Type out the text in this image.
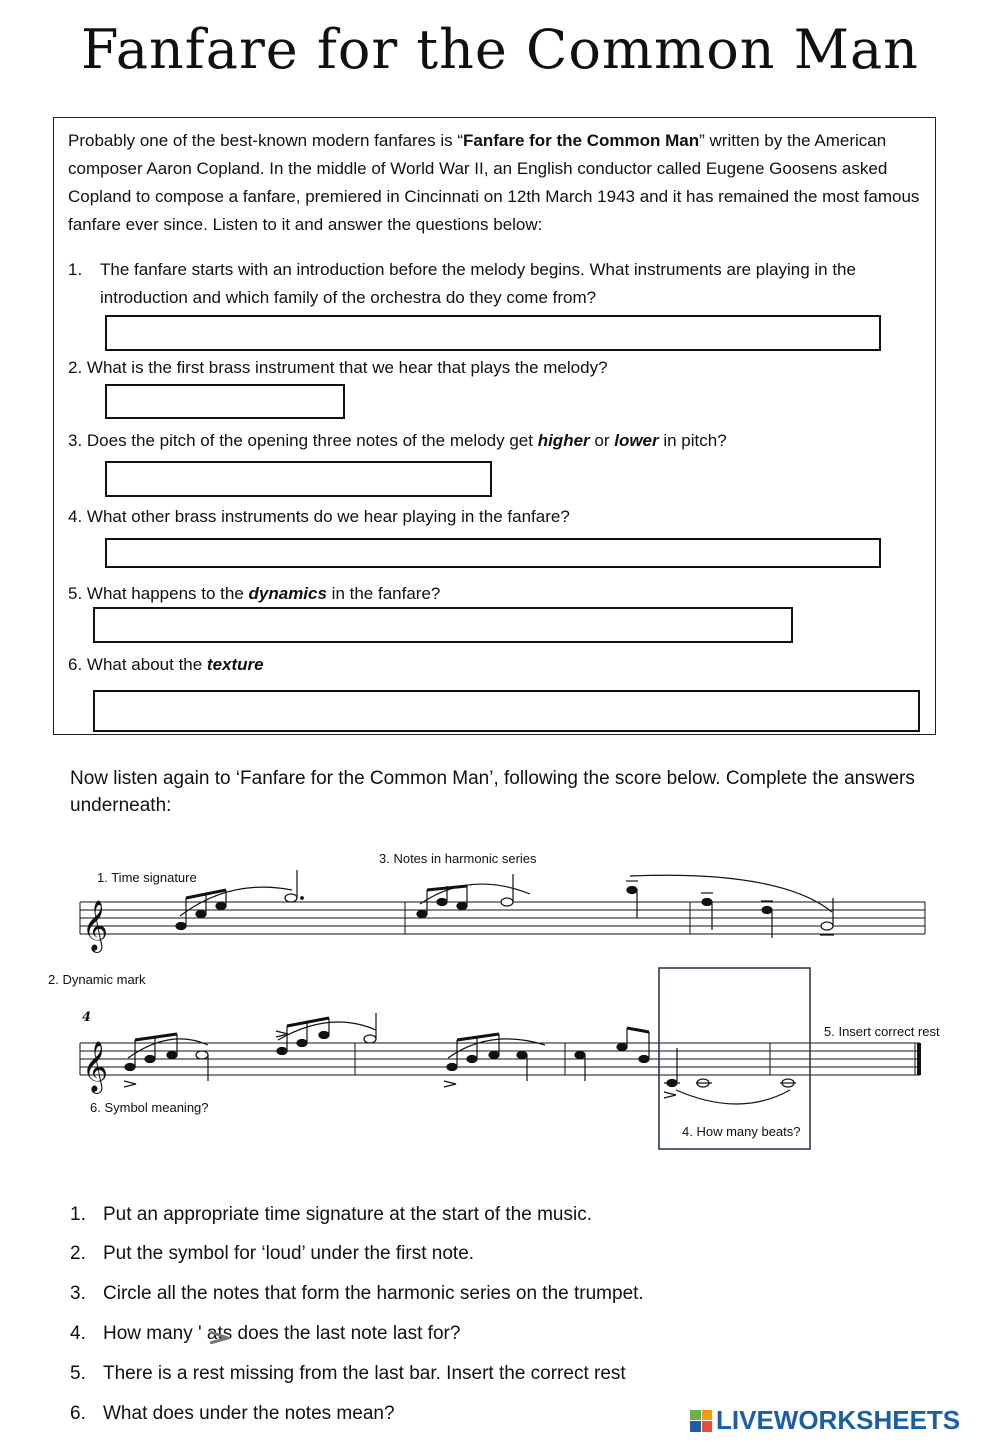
Fanfare for the Common Man
Probably one of the best-known modern fanfares is “Fanfare for the Common Man” written by the American composer Aaron Copland. In the middle of World War II, an English conductor called Eugene Goosens asked Copland to compose a fanfare, premiered in Cincinnati on 12th March 1943 and it has remained the most famous fanfare ever since. Listen to it and answer the questions below:
1. The fanfare starts with an introduction before the melody begins. What instruments are playing in the introduction and which family of the orchestra do they come from?
2. What is the first brass instrument that we hear that plays the melody?
3. Does the pitch of the opening three notes of the melody get higher or lower in pitch?
4. What other brass instruments do we hear playing in the fanfare?
5. What happens to the dynamics in the fanfare?
6. What about the texture
Now listen again to ‘Fanfare for the Common Man’, following the score below. Complete the answers underneath:
3. Notes in harmonic series
1. Time signature
2. Dynamic mark
4
5. Insert correct rest
6. Symbol meaning?
4. How many beats?
𝄞
𝄞
1. Put an appropriate time signature at the start of the music.
2. Put the symbol for ‘loud’ under the first note.
3. Circle all the notes that form the harmonic series on the trumpet.
4. How many ' ats does the last note last for?
5. There is a rest missing from the last bar. Insert the correct rest
6. What does under the notes mean?	LIVEWORKSHEETS
